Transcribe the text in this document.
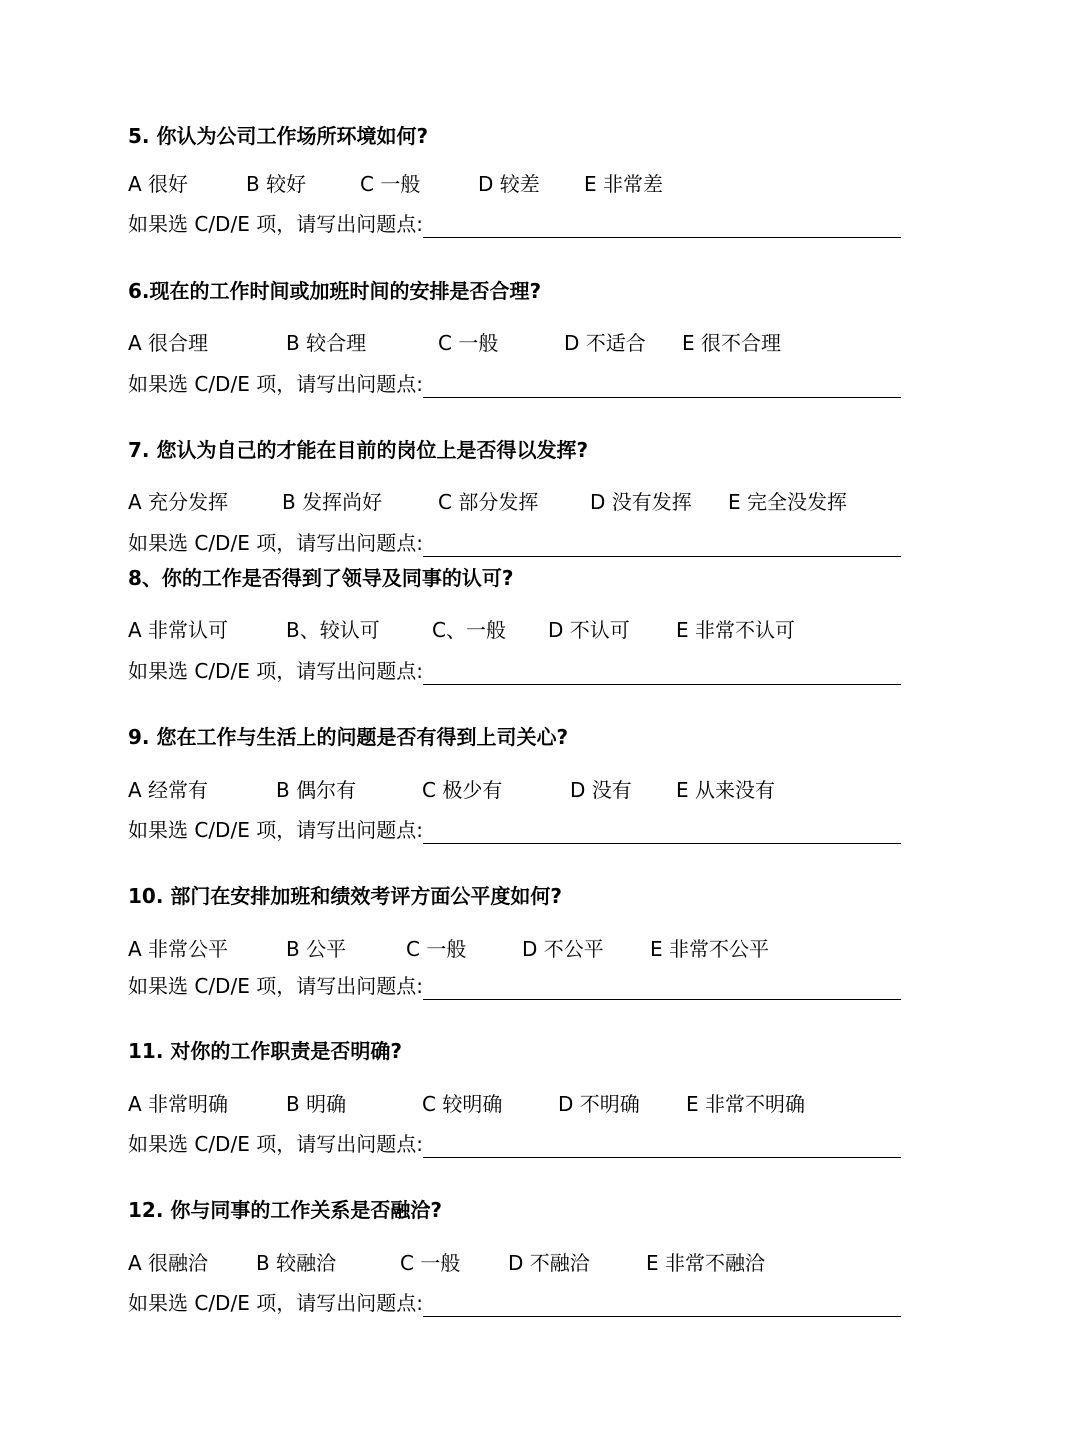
5. 你认为公司工作场所环境如何?
A 很好	B 较好	C 一般	D 较差 E 非常差
如果选 C/D/E 项，请写出问题点:
6.现在的工作时间或加班时间的安排是否合理?
A 很合理	B 较合理	C 一般	D 不适合 E 很不合理
如果选 C/D/E 项，请写出问题点:
7. 您认为自己的才能在目前的岗位上是否得以发挥?
A 充分发挥	B 发挥尚好	C 部分发挥	D 没有发挥 E 完全没发挥
如果选 C/D/E 项，请写出问题点:
8、你的工作是否得到了领导及同事的认可?
A 非常认可	B、较认可	C、一般 D 不认可 E 非常不认可
如果选 C/D/E 项，请写出问题点:
9. 您在工作与生活上的问题是否有得到上司关心?
A 经常有	B 偶尔有	C 极少有	D 没有 E 从来没有
如果选 C/D/E 项，请写出问题点:
10. 部门在安排加班和绩效考评方面公平度如何?
A 非常公平	B 公平	C 一般	D 不公平 E 非常不公平
如果选 C/D/E 项，请写出问题点:
11. 对你的工作职责是否明确?
A 非常明确	B 明确	C 较明确	D 不明确 E 非常不明确
如果选 C/D/E 项，请写出问题点:
12. 你与同事的工作关系是否融洽?
A 很融洽 B 较融洽	C 一般 D 不融洽	E 非常不融洽
如果选 C/D/E 项，请写出问题点:
